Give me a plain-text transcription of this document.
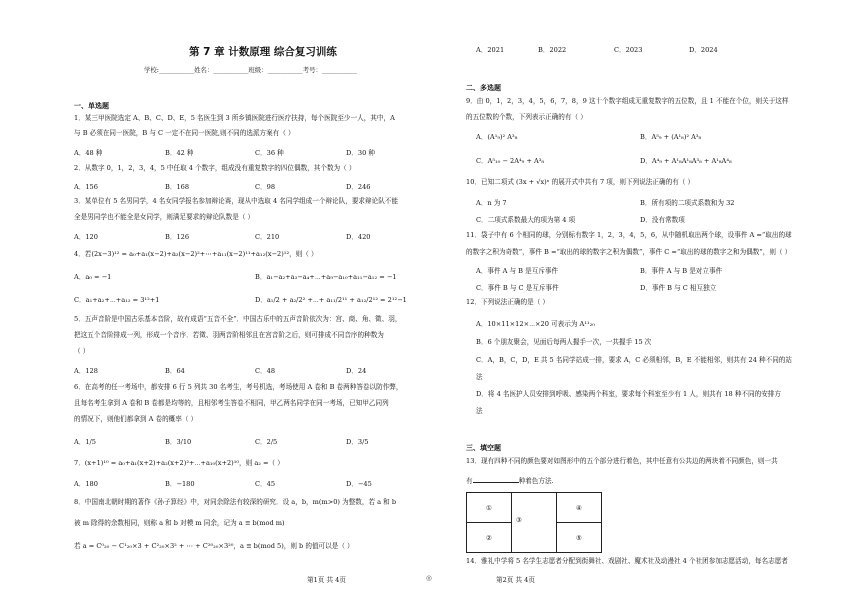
第 7 章 计数原理 综合复习训练
学校:___________姓名：___________班级：___________考号：___________
一、单选题
1．某三甲医院选定 A、B、C、D、E，5 名医生到 3 所乡镇医院进行医疗扶持，每个医院至少一人，其中，A
与 B 必须在同一医院，B 与 C 一定不在同一医院,则不同的选派方案有（ ）
A．48 种	B．42 种	C．36 种	D．30 种
2．从数字 0，1，2，3，4，5 中任取 4 个数字，组成没有重复数字的四位偶数，其个数为（ ）
A．156	B．168	C．98	D．246
3．某单位有 5 名男同学，4 名女同学报名参加辩论赛，现从中选取 4 名同学组成一个辩论队，要求辩论队不能
全是男同学也不能全是女同学，则满足要求的辩论队数是（ ）
A．120	B．126	C．210	D．420
4．若(2x−3)¹² = a₀+a₁(x−2)+a₂(x−2)²+⋯+a₁₁(x−2)¹¹+a₁₂(x−2)¹²，则（ ）
A．a₀ = −1	B．a₁−a₂+a₃−a₄+⋯+a₉−a₁₀+a₁₁−a₁₂ = −1
C．a₁+a₂+⋯+a₁₂ = 3¹²+1	D．a₁/2 + a₂/2² +⋯+ a₁₁/2¹¹ + a₁₂/2¹² = 2¹²−1
5．五声音阶是中国古乐基本音阶，故有成语“五音不全”．中国古乐中的五声音阶依次为：宫、商、角、徵、羽，
把这五个音阶排成一列，形成一个音序．若徵、羽两音阶相邻且在宫音阶之后，则可排成不同音序的种数为
（ ）
A．128	B．64	C．48	D．24
6．在高考的任一考场中，都安排 6 行 5 列共 30 名考生，考号机选，考场使用 A 卷和 B 卷两种答卷以防作弊，
且每名考生拿到 A 卷和 B 卷都是均等的，且相邻考生答卷不相同，甲乙两名同学在同一考场，已知甲乙同列
的情况下，则他们都拿到 A 卷的概率（ ）
A．1/5	B．3/10	C．2/5	D．3/5
7．(x+1)¹⁰ = a₀+a₁(x+2)+a₂(x+2)²+⋯+a₁₀(x+2)¹⁰，则 a₂ =（ ）
A．180	B．−180	C．45	D．−45
8．中国南北朝时期的著作《孙子算经》中，对同余除法有较深的研究．设 a，b，m(m>0) 为整数，若 a 和 b
被 m 除得的余数相同，则称 a 和 b 对模 m 同余，记为 a ≡ b(mod m)
若 a = C⁰₂₀ − C¹₂₀×3 + C²₂₀×3² + ⋯ + C²⁰₂₀×3²⁰，a ≡ b(mod 5)，则 b 的值可以是（ ）
第1页 共 4页	◎
A．2021	B．2022	C．2023	D．2024
二、多选题
9．由 0，1，2，3，4，5，6，7，8，9 这十个数字组成无重复数字的五位数，且 1 不能在个位，则关于这样
的五位数的个数，下列表示正确的有（ ）
A．(A¹₉)² A³₈	B．A⁵₉ + (A¹₈)² A³₈
C．A⁵₁₀ − 2A⁴₉ + A³₈	D．A⁴₉ + A¹₈A¹₈A³₈ + A¹₈A⁴₈
10．已知二项式 (3x + √x)ⁿ 的展开式中共有 7 项，则下列说法正确的有（ ）
A．n 为 7	B．所有项的二项式系数和为 32
C．二项式系数最大的项为第 4 项	D．没有常数项
11．袋子中有 6 个相同的球，分别标有数字 1，2，3，4，5，6，从中随机取出两个球，设事件 A =“取出的球
的数字之积为奇数”，事件 B =“取出的球的数字之积为偶数”，事件 C =“取出的球的数字之和为偶数”，则（ ）
A．事件 A 与 B 是互斥事件	B．事件 A 与 B 是对立事件
C．事件 B 与 C 是互斥事件	D．事件 B 与 C 相互独立
12．下列说法正确的是（ ）
A．10×11×12×⋯×20 可表示为 A¹¹₂₀
B．6 个朋友聚会，见面后每两人握手一次，一共握手 15 次
C．A，B，C，D，E 共 5 名同学站成一排，要求 A，C 必须相邻，B，E 不能相邻，则共有 24 种不同的站
法
D．将 4 名医护人员安排到呼吸、感染两个科室，要求每个科室至少有 1 人，则共有 18 种不同的安排方
法
三、填空题
13．现有四种不同的颜色要对如图形中的五个部分进行着色，其中任意有公共边的两块着不同颜色，则一共
有	种着色方法.
①		④
②		⑤
③
14．雅礼中学将 5 名学生志愿者分配到街舞社、戏剧社、魔术社及动漫社 4 个社团参加志愿活动，每名志愿者
第2页 共 4页
